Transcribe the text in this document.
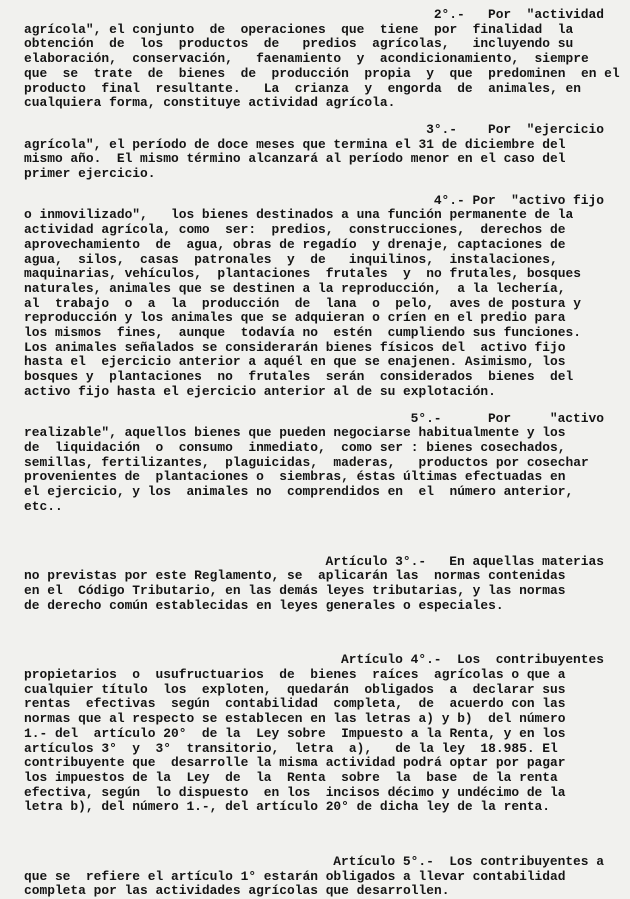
2°.-   Por  "actividad
agrícola", el conjunto  de  operaciones  que  tiene  por  finalidad  la
obtención  de  los  productos  de   predios  agrícolas,   incluyendo su
elaboración,  conservación,   faenamiento  y  acondicionamiento,  siempre
que  se  trate  de  bienes  de  producción  propia  y  que  predominen  en el
producto  final  resultante.   La  crianza  y  engorda  de  animales, en
cualquiera forma, constituye actividad agrícola.
3°.-    Por  "ejercicio
agrícola", el período de doce meses que termina el 31 de diciembre del
mismo año.  El mismo término alcanzará al período menor en el caso del
primer ejercicio.
4°.- Por  "activo fijo
o inmovilizado",   los bienes destinados a una función permanente de la
actividad agrícola, como  ser:  predios,  construcciones,  derechos de
aprovechamiento  de  agua, obras de regadío  y drenaje, captaciones de
agua,  silos,  casas  patronales  y  de   inquilinos,  instalaciones,
maquinarias, vehículos,  plantaciones  frutales  y  no frutales, bosques
naturales, animales que se destinen a la reproducción,  a la lechería,
al  trabajo  o  a  la  producción  de  lana  o  pelo,  aves de postura y
reproducción y los animales que se adquieran o críen en el predio para
los mismos  fines,  aunque  todavía no  estén  cumpliendo sus funciones.
Los animales señalados se considerarán bienes físicos del  activo fijo
hasta el  ejercicio anterior a aquél en que se enajenen. Asimismo, los
bosques y  plantaciones  no  frutales  serán  considerados  bienes  del
activo fijo hasta el ejercicio anterior al de su explotación.
5°.-      Por     "activo
realizable", aquellos bienes que pueden negociarse habitualmente y los
de  liquidación  o  consumo  inmediato,  como ser : bienes cosechados,
semillas, fertilizantes,  plaguicidas,  maderas,   productos por cosechar
provenientes de  plantaciones o  siembras, éstas últimas efectuadas en
el ejercicio, y los  animales no  comprendidos en  el  número anterior,
etc..
Artículo 3°.-   En aquellas materias
no previstas por este Reglamento, se  aplicarán las  normas contenidas
en el  Código Tributario, en las demás leyes tributarias, y las normas
de derecho común establecidas en leyes generales o especiales.
Artículo 4°.-  Los  contribuyentes
propietarios  o  usufructuarios  de  bienes  raíces  agrícolas o que a
cualquier título  los  exploten,  quedarán  obligados  a  declarar sus
rentas  efectivas  según  contabilidad  completa,  de  acuerdo con las
normas que al respecto se establecen en las letras a) y b)  del número
1.- del  artículo 20°  de la  Ley sobre  Impuesto a la Renta, y en los
artículos 3°  y  3°  transitorio,  letra  a),   de la ley  18.985. El
contribuyente que  desarrolle la misma actividad podrá optar por pagar
los impuestos de la  Ley  de  la  Renta  sobre  la  base  de la renta
efectiva, según  lo dispuesto  en los  incisos décimo y undécimo de la
letra b), del número 1.-, del artículo 20° de dicha ley de la renta.
Artículo 5°.-  Los contribuyentes a
que se  refiere el artículo 1° estarán obligados a llevar contabilidad
completa por las actividades agrícolas que desarrollen.
